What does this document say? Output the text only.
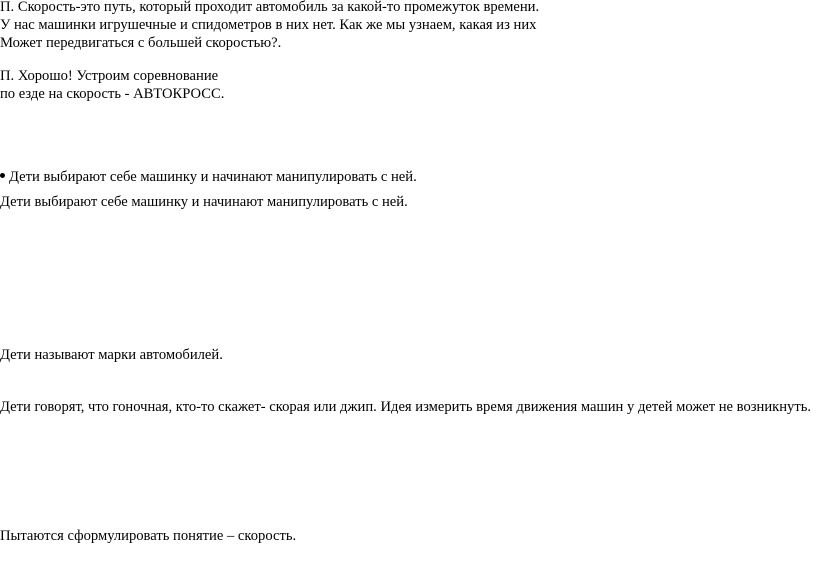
П. Скорость-это путь, который проходит автомобиль за какой-то промежуток времени.
У нас машинки игрушечные и спидометров в них нет. Как же мы узнаем, какая из них
Может передвигаться с большей скоростью?.
П. Хорошо! Устроим соревнование
по езде на скорость - АВТОКРОСС.
Дети выбирают себе машинку и начинают манипулировать с ней.
Дети выбирают себе машинку и начинают манипулировать с ней.
Дети называют марки автомобилей.
Дети говорят, что гоночная, кто-то скажет- скорая или джип. Идея измерить время движения машин у детей может не возникнуть.
Пытаются сформулировать понятие – скорость.
